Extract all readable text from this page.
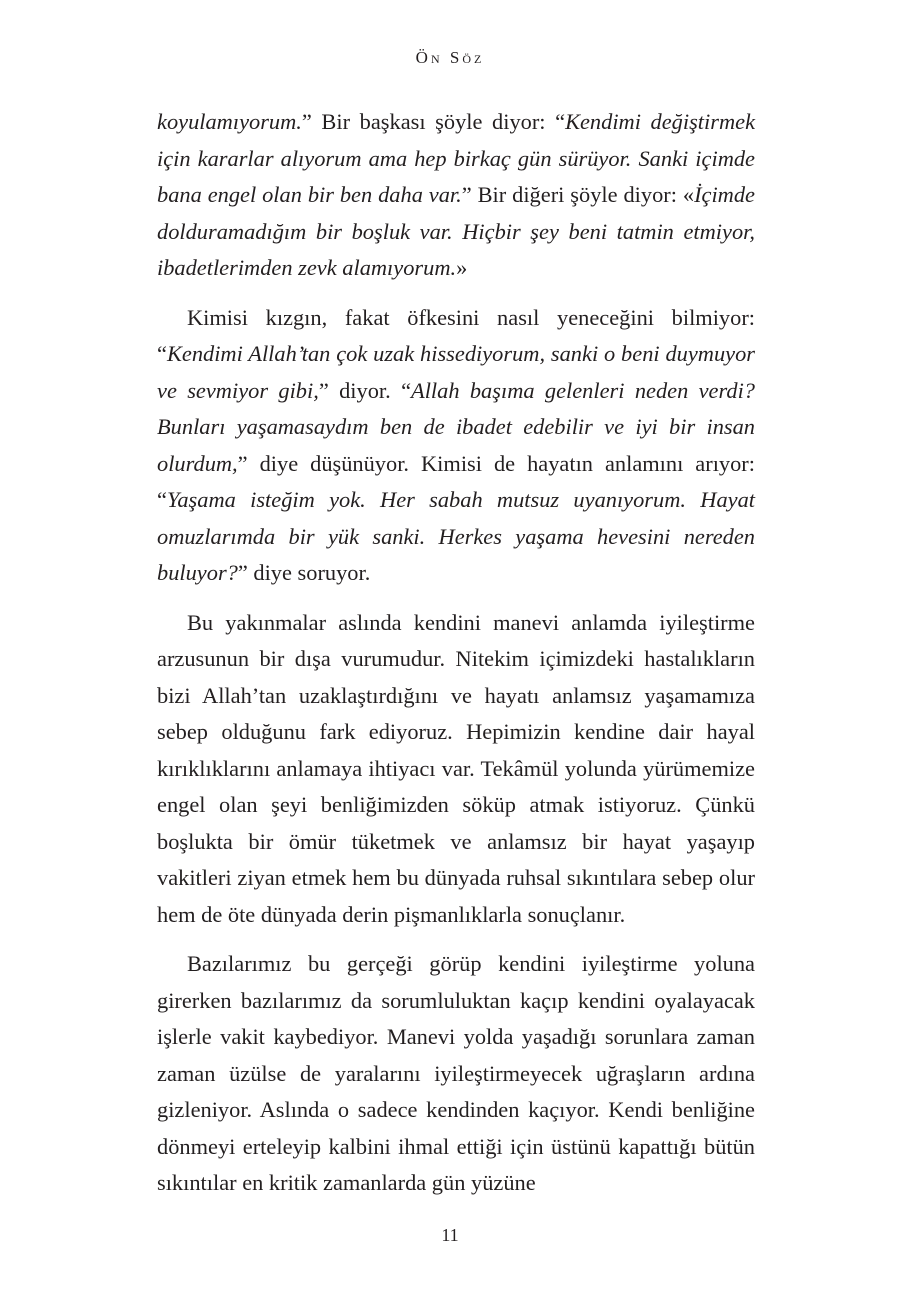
Ön Söz

koyulamıyorum.” Bir başkası şöyle diyor: “Kendimi değiştirmek için kararlar alıyorum ama hep birkaç gün sürüyor. Sanki içimde bana engel olan bir ben daha var.” Bir diğeri şöyle diyor: «İçimde dolduramadığım bir boşluk var. Hiçbir şey beni tatmin etmiyor, ibadetlerimden zevk alamıyorum.»

Kimisi kızgın, fakat öfkesini nasıl yeneceğini bilmiyor: “Kendimi Allah’tan çok uzak hissediyorum, sanki o beni duymuyor ve sevmiyor gibi,” diyor. “Allah başıma gelenleri neden verdi? Bunları yaşamasaydım ben de ibadet edebilir ve iyi bir insan olurdum,” diye düşünüyor. Kimisi de hayatın anlamını arıyor: “Yaşama isteğim yok. Her sabah mutsuz uyanıyorum. Hayat omuzlarımda bir yük sanki. Herkes yaşama hevesini nereden buluyor?” diye soruyor.

Bu yakınmalar aslında kendini manevi anlamda iyileştirme arzusunun bir dışa vurumudur. Nitekim içimizdeki hastalıkların bizi Allah’tan uzaklaştırdığını ve hayatı anlamsız yaşamamıza sebep olduğunu fark ediyoruz. Hepimizin kendine dair hayal kırıklıklarını anlamaya ihtiyacı var. Tekâmül yolunda yürümemize engel olan şeyi benliğimizden söküp atmak istiyoruz. Çünkü boşlukta bir ömür tüketmek ve anlamsız bir hayat yaşayıp vakitleri ziyan etmek hem bu dünyada ruhsal sıkıntılara sebep olur hem de öte dünyada derin pişmanlıklarla sonuçlanır.

Bazılarımız bu gerçeği görüp kendini iyileştirme yoluna girerken bazılarımız da sorumluluktan kaçıp kendini oyalayacak işlerle vakit kaybediyor. Manevi yolda yaşadığı sorunlara zaman zaman üzülse de yaralarını iyileştirmeyecek uğraşların ardına gizleniyor. Aslında o sadece kendinden kaçıyor. Kendi benliğine dönmeyi erteleyip kalbini ihmal ettiği için üstünü kapattığı bütün sıkıntılar en kritik zamanlarda gün yüzüne

11
